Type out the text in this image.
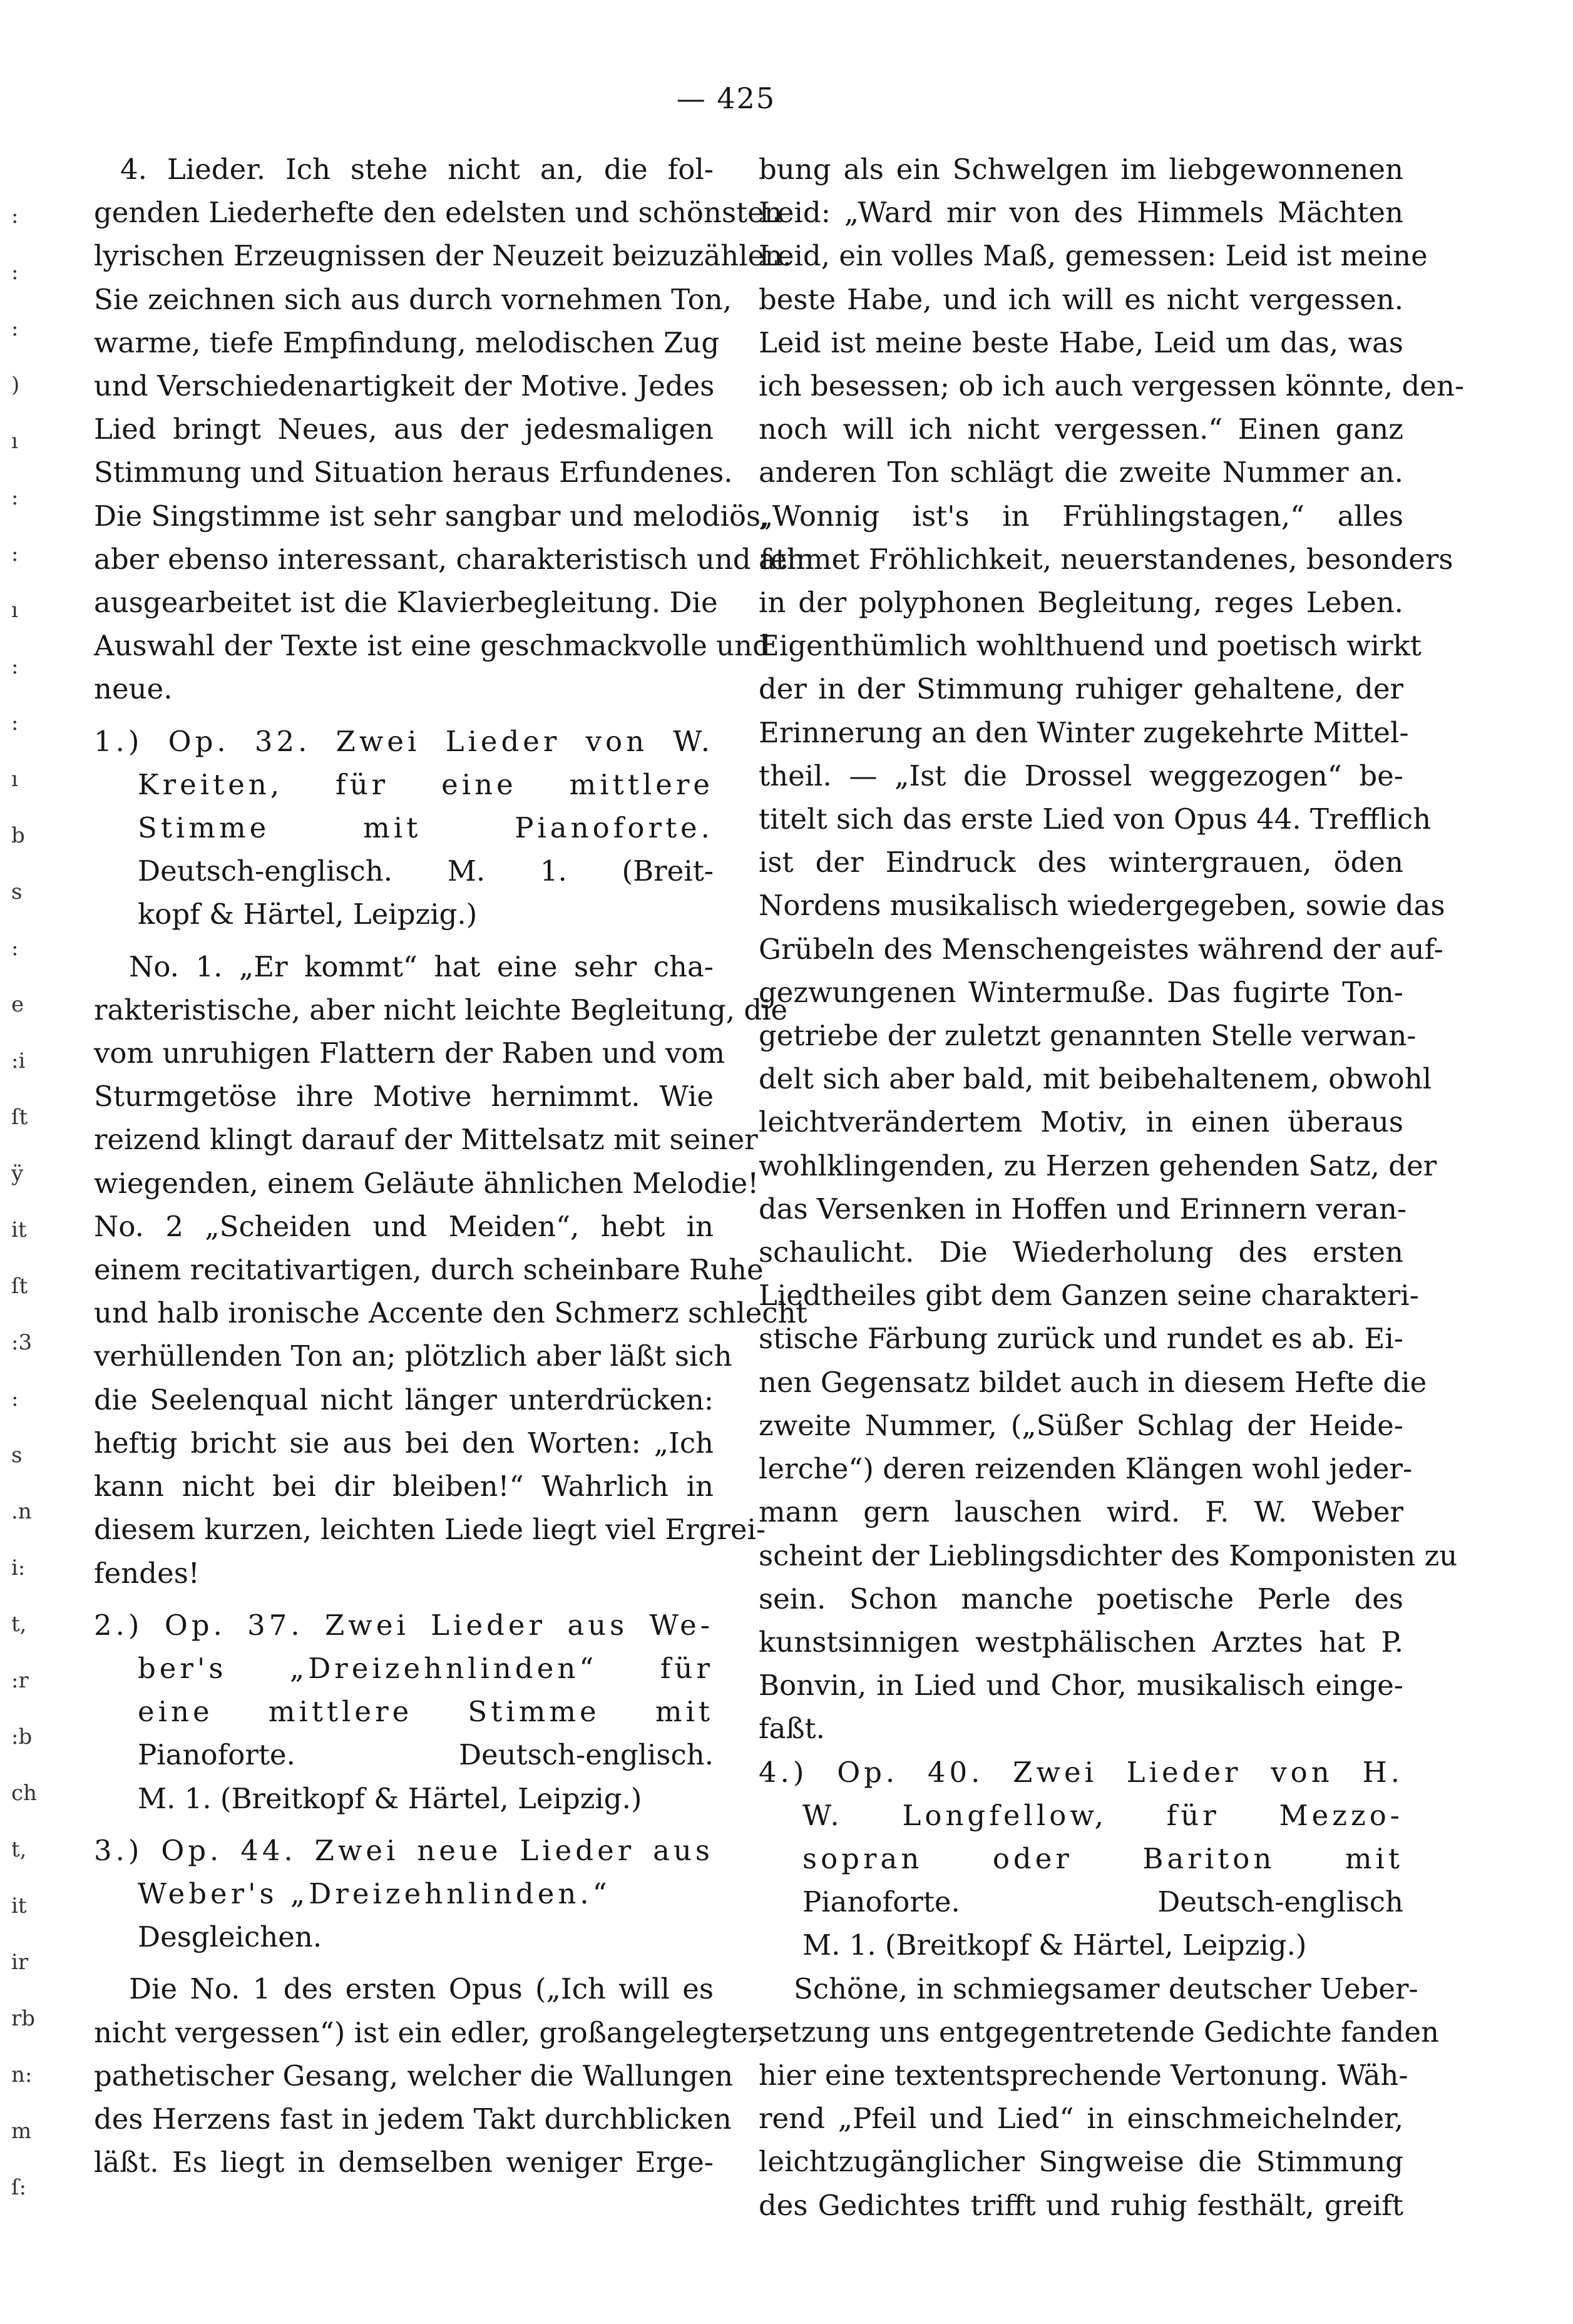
— 425
:
:
:
)
ı
:
:
ı
:
:
ı
b
s
:
e
:i
ſt
ÿ
it
ſt
:3
:
s
.n
i:
t,
:r
:b
ch
t,
it
ir
rb
n:
m
ſ:
4. Lieder. Ich stehe nicht an, die fol-
genden Liederhefte den edelsten und schönsten
lyrischen Erzeugnissen der Neuzeit beizuzählen.
Sie zeichnen sich aus durch vornehmen Ton,
warme, tiefe Empfindung, melodischen Zug
und Verschiedenartigkeit der Motive. Jedes
Lied bringt Neues, aus der jedesmaligen
Stimmung und Situation heraus Erfundenes.
Die Singstimme ist sehr sangbar und melodiös,
aber ebenso interessant, charakteristisch und fein
ausgearbeitet ist die Klavierbegleitung. Die
Auswahl der Texte ist eine geschmackvolle und
neue.
1.) Op. 32. Zwei Lieder von W.
Kreiten, für eine mittlere
Stimme mit Pianoforte.
Deutsch-englisch. M. 1. (Breit-
kopf & Härtel, Leipzig.)
No. 1. „Er kommt“ hat eine sehr cha-
rakteristische, aber nicht leichte Begleitung, die
vom unruhigen Flattern der Raben und vom
Sturmgetöse ihre Motive hernimmt. Wie
reizend klingt darauf der Mittelsatz mit seiner
wiegenden, einem Geläute ähnlichen Melodie!
No. 2 „Scheiden und Meiden“, hebt in
einem recitativartigen, durch scheinbare Ruhe
und halb ironische Accente den Schmerz schlecht
verhüllenden Ton an; plötzlich aber läßt sich
die Seelenqual nicht länger unterdrücken:
heftig bricht sie aus bei den Worten: „Ich
kann nicht bei dir bleiben!“ Wahrlich in
diesem kurzen, leichten Liede liegt viel Ergrei-
fendes!
2.) Op. 37. Zwei Lieder aus We-
ber's „Dreizehnlinden“ für
eine mittlere Stimme mit
Pianoforte. Deutsch-englisch.
M. 1. (Breitkopf & Härtel, Leipzig.)
3.) Op. 44. Zwei neue Lieder aus
Weber's „Dreizehnlinden.“
Desgleichen.
Die No. 1 des ersten Opus („Ich will es
nicht vergessen“) ist ein edler, großangelegter,
pathetischer Gesang, welcher die Wallungen
des Herzens fast in jedem Takt durchblicken
läßt. Es liegt in demselben weniger Erge-
bung als ein Schwelgen im liebgewonnenen
Leid: „Ward mir von des Himmels Mächten
Leid, ein volles Maß, gemessen: Leid ist meine
beste Habe, und ich will es nicht vergessen.
Leid ist meine beste Habe, Leid um das, was
ich besessen; ob ich auch vergessen könnte, den-
noch will ich nicht vergessen.“ Einen ganz
anderen Ton schlägt die zweite Nummer an.
„Wonnig ist's in Frühlingstagen,“ alles
athmet Fröhlichkeit, neuerstandenes, besonders
in der polyphonen Begleitung, reges Leben.
Eigenthümlich wohlthuend und poetisch wirkt
der in der Stimmung ruhiger gehaltene, der
Erinnerung an den Winter zugekehrte Mittel-
theil. — „Ist die Drossel weggezogen“ be-
titelt sich das erste Lied von Opus 44. Trefflich
ist der Eindruck des wintergrauen, öden
Nordens musikalisch wiedergegeben, sowie das
Grübeln des Menschengeistes während der auf-
gezwungenen Wintermuße. Das fugirte Ton-
getriebe der zuletzt genannten Stelle verwan-
delt sich aber bald, mit beibehaltenem, obwohl
leichtverändertem Motiv, in einen überaus
wohlklingenden, zu Herzen gehenden Satz, der
das Versenken in Hoffen und Erinnern veran-
schaulicht. Die Wiederholung des ersten
Liedtheiles gibt dem Ganzen seine charakteri-
stische Färbung zurück und rundet es ab. Ei-
nen Gegensatz bildet auch in diesem Hefte die
zweite Nummer, („Süßer Schlag der Heide-
lerche“) deren reizenden Klängen wohl jeder-
mann gern lauschen wird. F. W. Weber
scheint der Lieblingsdichter des Komponisten zu
sein. Schon manche poetische Perle des
kunstsinnigen westphälischen Arztes hat P.
Bonvin, in Lied und Chor, musikalisch einge-
faßt.
4.) Op. 40. Zwei Lieder von H.
W. Longfellow, für Mezzo-
sopran oder Bariton mit
Pianoforte. Deutsch-englisch
M. 1. (Breitkopf & Härtel, Leipzig.)
Schöne, in schmiegsamer deutscher Ueber-
setzung uns entgegentretende Gedichte fanden
hier eine textentsprechende Vertonung. Wäh-
rend „Pfeil und Lied“ in einschmeichelnder,
leichtzugänglicher Singweise die Stimmung
des Gedichtes trifft und ruhig festhält, greift
